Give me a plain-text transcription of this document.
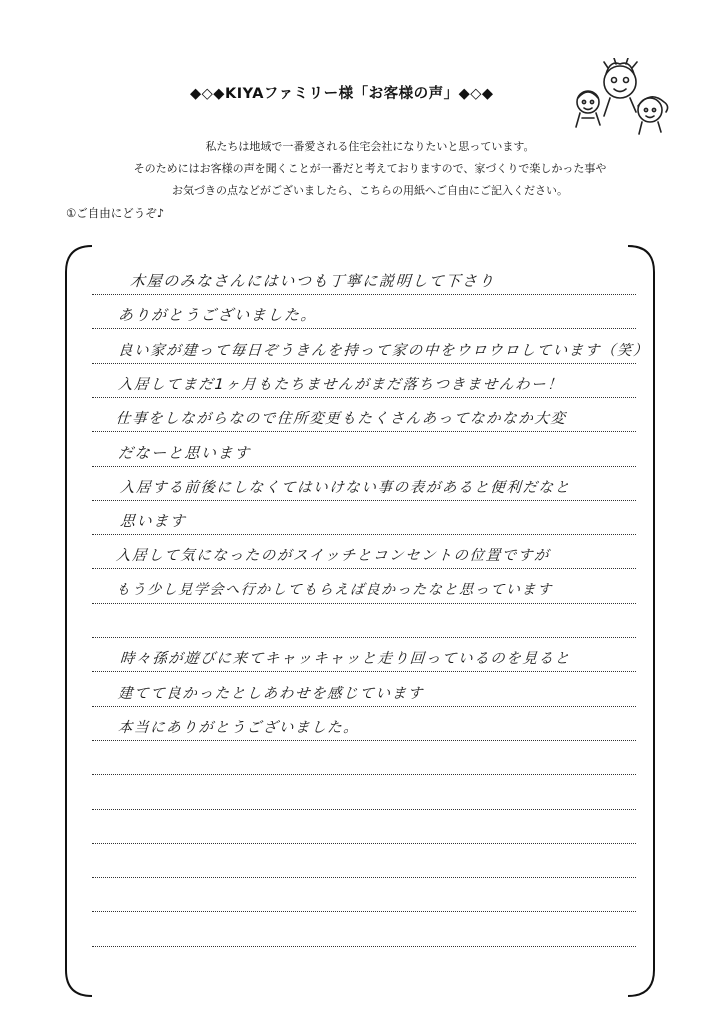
◆◇◆KIYAファミリー様「お客様の声」◆◇◆
私たちは地域で一番愛される住宅会社になりたいと思っています。
そのためにはお客様の声を聞くことが一番だと考えておりますので、家づくりで楽しかった事や
お気づきの点などがございましたら、こちらの用紙へご自由にご記入ください。
①ご自由にどうぞ♪
木屋のみなさんにはいつも丁寧に説明して下さり
ありがとうございました。
良い家が建って毎日ぞうきんを持って家の中をウロウロしています（笑）
入居してまだ1ヶ月もたちませんがまだ落ちつきませんわー！
仕事をしながらなので住所変更もたくさんあってなかなか大変
だなーと思います
入居する前後にしなくてはいけない事の表があると便利だなと
思います
入居して気になったのがスイッチとコンセントの位置ですが
もう少し見学会へ行かしてもらえば良かったなと思っています
時々孫が遊びに来てキャッキャッと走り回っているのを見ると
建てて良かったとしあわせを感じています
本当にありがとうございました。
